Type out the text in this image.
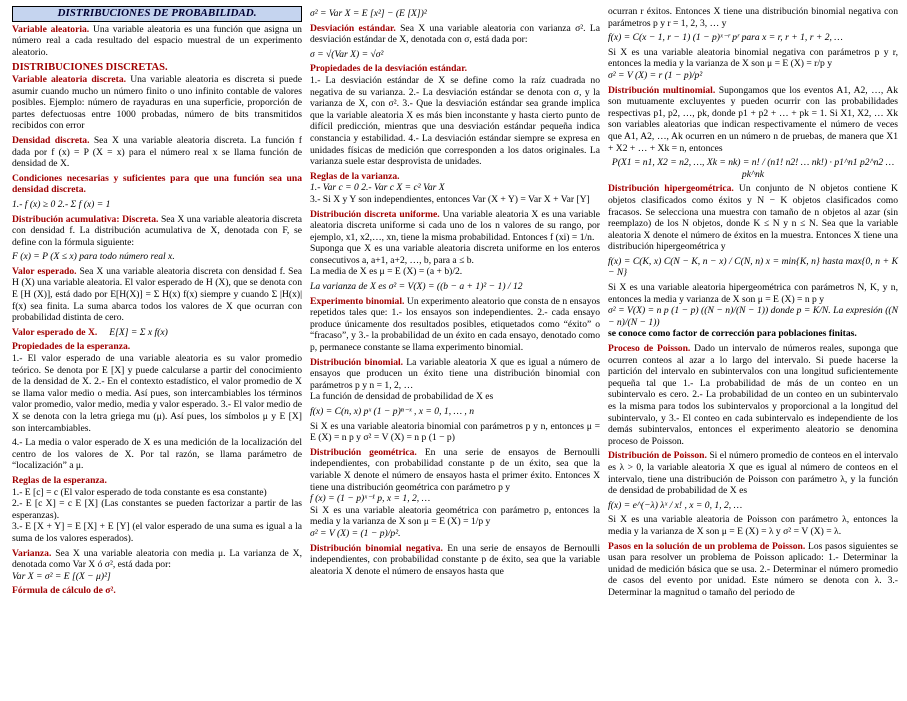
DISTRIBUCIONES DE PROBABILIDAD.

Variable aleatoria. Una variable aleatoria es una función que asigna un número real a cada resultado del espacio muestral de un experimento aleatorio.

DISTRIBUCIONES DISCRETAS.

Variable aleatoria discreta. Una variable aleatoria es discreta si puede asumir cuando mucho un número finito o uno infinito contable de valores posibles. Ejemplo: número de rayaduras en una superficie, proporción de partes defectuosas entre 1000 probadas, número de bits transmitidos recibidos con error

Densidad discreta. Sea X una variable aleatoria discreta. La función f dada por f (x) = P (X = x) para el número real x se llama función de densidad de X.

Condiciones necesarias y suficientes para que una función sea una densidad discreta.

1.- f (x) ≥ 0 2.- Σ f (x) = 1

Distribución acumulativa: Discreta. Sea X una variable aleatoria discreta con densidad f. La distribución acumulativa de X, denotada con F, se define con la fórmula siguiente:

F (x) = P (X ≤ x) para todo número real x.

Valor esperado. Sea X una variable aleatoria discreta con densidad f. Sea H (X) una variable aleatoria. El valor esperado de H (X), que se denota con E [H (X)], está dado por E[H(X)] = Σ H(x) f(x) siempre y cuando Σ |H(x)| f(x) sea finita. La suma abarca todos los valores de X que ocurran con probabilidad distinta de cero.

Valor esperado de X. E[X] = Σ x f(x)

Propiedades de la esperanza.
1.- El valor esperado de una variable aleatoria es su valor promedio teórico. Se denota por E [X] y puede calcularse a partir del conocimiento de la densidad de X. 2.- En el contexto estadístico, el valor promedio de X se llama valor medio o media. Así pues, son intercambiables los términos valor promedio, valor medio, media y valor esperado. 3.- El valor medio de X se denota con la letra griega mu (μ). Así pues, los símbolos μ y E [X] son intercambiables.

4.- La media o valor esperado de X es una medición de la localización del centro de los valores de X. Por tal razón, se llama parámetro de “localización” a μ.

Reglas de la esperanza.
1.- E [c] = c (El valor esperado de toda constante es esa constante)
2.- E [c X] = c E [X] (Las constantes se pueden factorizar a partir de las esperanzas).
3.- E [X + Y] = E [X] + E [Y] (el valor esperado de una suma es igual a la suma de los valores esperados).

Varianza. Sea X una variable aleatoria con media μ. La varianza de X, denotada como Var X ó σ², está dada por:
Var X = σ² = E [(X − μ)²]

Fórmula de cálculo de σ².

σ² = Var X = E [x²] − (E [X])²

Desviación estándar. Sea X una variable aleatoria con varianza σ². La desviación estándar de X, denotada con σ, está dada por:

σ = √(Var X) = √σ²

Propiedades de la desviación estándar.
1.- La desviación estándar de X se define como la raíz cuadrada no negativa de su varianza. 2.- La desviación estándar se denota con σ, y la varianza de X, con σ². 3.- Que la desviación estándar sea grande implica que la variable aleatoria X es más bien inconstante y hasta cierto punto de difícil predicción, mientras que una desviación estándar pequeña indica constancia y estabilidad. 4.- La desviación estándar siempre se expresa en unidades físicas de medición que corresponden a los datos originales. La varianza suele estar desprovista de unidades.

Reglas de la varianza.
1.- Var c = 0 2.- Var c X = c² Var X
3.- Si X y Y son independientes, entonces Var (X + Y) = Var X + Var [Y]

Distribución discreta uniforme. Una variable aleatoria X es una variable aleatoria discreta uniforme si cada uno de los n valores de su rango, por ejemplo, x1, x2,…, xn, tiene la misma probabilidad. Entonces f (xi) = 1/n.
Suponga que X es una variable aleatoria discreta uniforme en los enteros consecutivos a, a+1, a+2, …, b, para a ≤ b.
La media de X es μ = E (X) = (a + b)/2.

La varianza de X es σ² = V(X) = ((b − a + 1)² − 1) / 12

Experimento binomial. Un experimento aleatorio que consta de n ensayos repetidos tales que: 1.- los ensayos son independientes. 2.- cada ensayo produce únicamente dos resultados posibles, etiquetados como “éxito” o “fracaso”, y 3.- la probabilidad de un éxito en cada ensayo, denotado como p, permanece constante se llama experimento binomial.

Distribución binomial. La variable aleatoria X que es igual a número de ensayos que producen un éxito tiene una distribución binomial con parámetros p y n = 1, 2, …
La función de densidad de probabilidad de X es

f(x) = C(n, x) pˣ (1 − p)ⁿ⁻ˣ , x = 0, 1, … , n

Si X es una variable aleatoria binomial con parámetros p y n, entonces μ = E (X) = n p y σ² = V (X) = n p (1 − p)

Distribución geométrica. En una serie de ensayos de Bernoulli independientes, con probabilidad constante p de un éxito, sea que la variable X denote el número de ensayos hasta el primer éxito. Entonces X tiene una distribución geométrica con parámetro p y
f (x) = (1 − p)ˣ⁻¹ p, x = 1, 2, …
Si X es una variable aleatoria geométrica con parámetro p, entonces la media y la varianza de X son μ = E (X) = 1/p y
σ² = V (X) = (1 − p)/p².

Distribución binomial negativa. En una serie de ensayos de Bernoulli independientes, con probabilidad constante p de éxito, sea que la variable aleatoria X denote el número de ensayos hasta que

ocurran r éxitos. Entonces X tiene una distribución binomial negativa con parámetros p y r = 1, 2, 3, … y

f(x) = C(x − 1, r − 1) (1 − p)ˣ⁻ʳ pʳ para x = r, r + 1, r + 2, …

Si X es una variable aleatoria binomial negativa con parámetros p y r, entonces la media y la varianza de X son μ = E (X) = r/p y
σ² = V (X) = r (1 − p)/p²

Distribución multinomial. Supongamos que los eventos A1, A2, …, Ak son mutuamente excluyentes y pueden ocurrir con las probabilidades respectivas p1, p2, …, pk, donde p1 + p2 + … + pk = 1. Si X1, X2, … Xk son variables aleatorias que indican respectivamente el número de veces que A1, A2, …, Ak ocurren en un número n de pruebas, de manera que X1 + X2 + … + Xk = n, entonces

P(X1 = n1, X2 = n2, …, Xk = nk) = n! / (n1! n2! … nk!) · p1^n1 p2^n2 … pk^nk

Distribución hipergeométrica. Un conjunto de N objetos contiene K objetos clasificados como éxitos y N − K objetos clasificados como fracasos. Se selecciona una muestra con tamaño de n objetos al azar (sin reemplazo) de los N objetos, donde K ≤ N y n ≤ N. Sea que la variable aleatoria X denote el número de éxitos en la muestra. Entonces X tiene una distribución hipergeométrica y

f(x) = C(K, x) C(N − K, n − x) / C(N, n) x = min{K, n} hasta max{0, n + K − N}

Si X es una variable aleatoria hipergeométrica con parámetros N, K, y n, entonces la media y varianza de X son μ = E (X) = n p y
σ² = V(X) = n p (1 − p) ((N − n)/(N − 1)) donde p = K/N. La expresión ((N − n)/(N − 1))
se conoce como factor de corrección para poblaciones finitas.

Proceso de Poisson. Dado un intervalo de números reales, suponga que ocurren conteos al azar a lo largo del intervalo. Si puede hacerse la partición del intervalo en subintervalos con una longitud suficientemente pequeña tal que 1.- La probabilidad de más de un conteo en un subintervalo es cero. 2.- La probabilidad de un conteo en un subintervalo es la misma para todos los subintervalos y proporcional a la longitud del subintervalo, y 3.- El conteo en cada subintervalo es independiente de los demás subintervalos, entonces el experimento aleatorio se denomina proceso de Poisson.

Distribución de Poisson. Si el número promedio de conteos en el intervalo es λ > 0, la variable aleatoria X que es igual al número de conteos en el intervalo, tiene una distribución de Poisson con parámetro λ, y la función de densidad de probabilidad de X es

f(x) = e^(−λ) λˣ / x! , x = 0, 1, 2, …

Si X es una variable aleatoria de Poisson con parámetro λ, entonces la media y la varianza de X son μ = E (X) = λ y σ² = V (X) = λ.

Pasos en la solución de un problema de Poisson. Los pasos siguientes se usan para resolver un problema de Poisson aplicado: 1.- Determinar la unidad de medición básica que se usa. 2.- Determinar el número promedio de casos del evento por unidad. Este número se denota con λ. 3.- Determinar la magnitud o tamaño del periodo de
